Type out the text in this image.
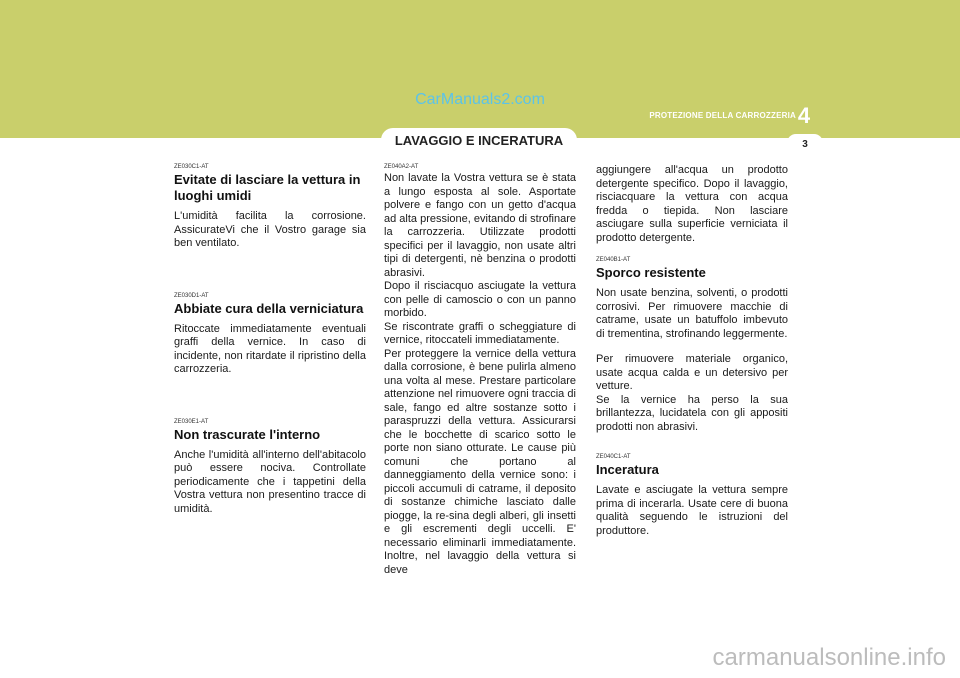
CarManuals2.com
LAVAGGIO E INCERATURA
PROTEZIONE DELLA CARROZZERIA 4
3

ZE030C1-AT

Evitate di lasciare la vettura in luoghi umidi

L'umidità facilita la corrosione. AssicurateVi che il Vostro garage sia ben ventilato.

ZE030D1-AT

Abbiate cura della verniciatura

Ritoccate immediatamente eventuali graffi della vernice. In caso di incidente, non ritardate il ripristino della carrozzeria.

ZE030E1-AT

Non trascurate l'interno

Anche l'umidità all'interno dell'abitacolo può essere nociva. Controllate periodicamente che i tappetini della Vostra vettura non presentino tracce di umidità.

ZE040A2-AT

Non lavate la Vostra vettura se è stata a lungo esposta al sole. Asportate polvere e fango con un getto d'acqua ad alta pressione, evitando di strofinare la carrozzeria. Utilizzate prodotti specifici per il lavaggio, non usate altri tipi di detergenti, nè benzina o prodotti abrasivi.

Dopo il risciacquo asciugate la vettura con pelle di camoscio o con un panno morbido.

Se riscontrate graffi o scheggiature di vernice, ritoccateli immediatamente.

Per proteggere la vernice della vettura dalla corrosione, è bene pulirla almeno una volta al mese. Prestare particolare attenzione nel rimuovere ogni traccia di sale, fango ed altre sostanze sotto i paraspruzzi della vettura. Assicurarsi che le bocchette di scarico sotto le porte non siano otturate. Le cause più comuni che portano al danneggiamento della vernice sono: i piccoli accumuli di catrame, il deposito di sostanze chimiche lasciato dalle piogge, la re-sina degli alberi, gli insetti e gli escrementi degli uccelli. E' necessario eliminarli immediatamente. Inoltre, nel lavaggio della vettura si deve

aggiungere all'acqua un prodotto detergente specifico. Dopo il lavaggio, risciacquare la vettura con acqua fredda o tiepida. Non lasciare asciugare sulla superficie verniciata il prodotto detergente.

ZE040B1-AT

Sporco resistente

Non usate benzina, solventi, o prodotti corrosivi. Per rimuovere macchie di catrame, usate un batuffolo imbevuto di trementina, strofinando leggermente.

Per rimuovere materiale organico, usate acqua calda e un detersivo per vetture.

Se la vernice ha perso la sua brillantezza, lucidatela con gli appositi prodotti non abrasivi.

ZE040C1-AT

Inceratura

Lavate e asciugate la vettura sempre prima di incerarla. Usate cere di buona qualità seguendo le istruzioni del produttore.

carmanualsonline.info
